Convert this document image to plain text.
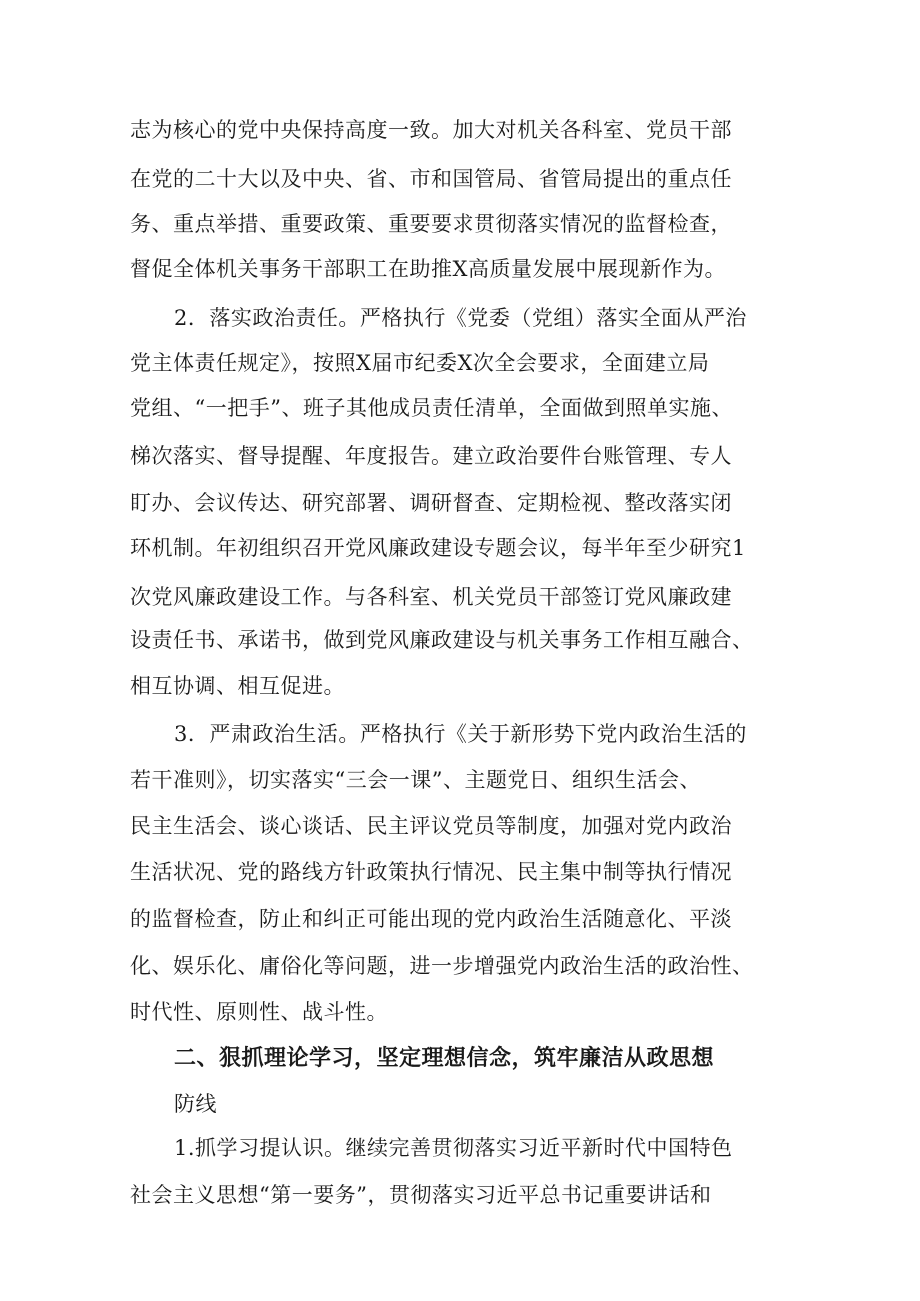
志为核心的党中央保持高度一致。加大对机关各科室、党员干部
在党的二十大以及中央、省、市和国管局、省管局提出的重点任
务、重点举措、重要政策、重要要求贯彻落实情况的监督检查，
督促全体机关事务干部职工在助推X高质量发展中展现新作为。
2．落实政治责任。严格执行《党委（党组）落实全面从严治
党主体责任规定》，按照X届市纪委X次全会要求，全面建立局
党组、“一把手”、班子其他成员责任清单，全面做到照单实施、
梯次落实、督导提醒、年度报告。建立政治要件台账管理、专人
盯办、会议传达、研究部署、调研督查、定期检视、整改落实闭
环机制。年初组织召开党风廉政建设专题会议，每半年至少研究1
次党风廉政建设工作。与各科室、机关党员干部签订党风廉政建
设责任书、承诺书，做到党风廉政建设与机关事务工作相互融合、
相互协调、相互促进。
3．严肃政治生活。严格执行《关于新形势下党内政治生活的
若干准则》，切实落实“三会一课”、主题党日、组织生活会、
民主生活会、谈心谈话、民主评议党员等制度，加强对党内政治
生活状况、党的路线方针政策执行情况、民主集中制等执行情况
的监督检查，防止和纠正可能出现的党内政治生活随意化、平淡
化、娱乐化、庸俗化等问题，进一步增强党内政治生活的政治性、
时代性、原则性、战斗性。
二、狠抓理论学习，坚定理想信念，筑牢廉洁从政思想
防线
1.抓学习提认识。继续完善贯彻落实习近平新时代中国特色
社会主义思想“第一要务”，贯彻落实习近平总书记重要讲话和
